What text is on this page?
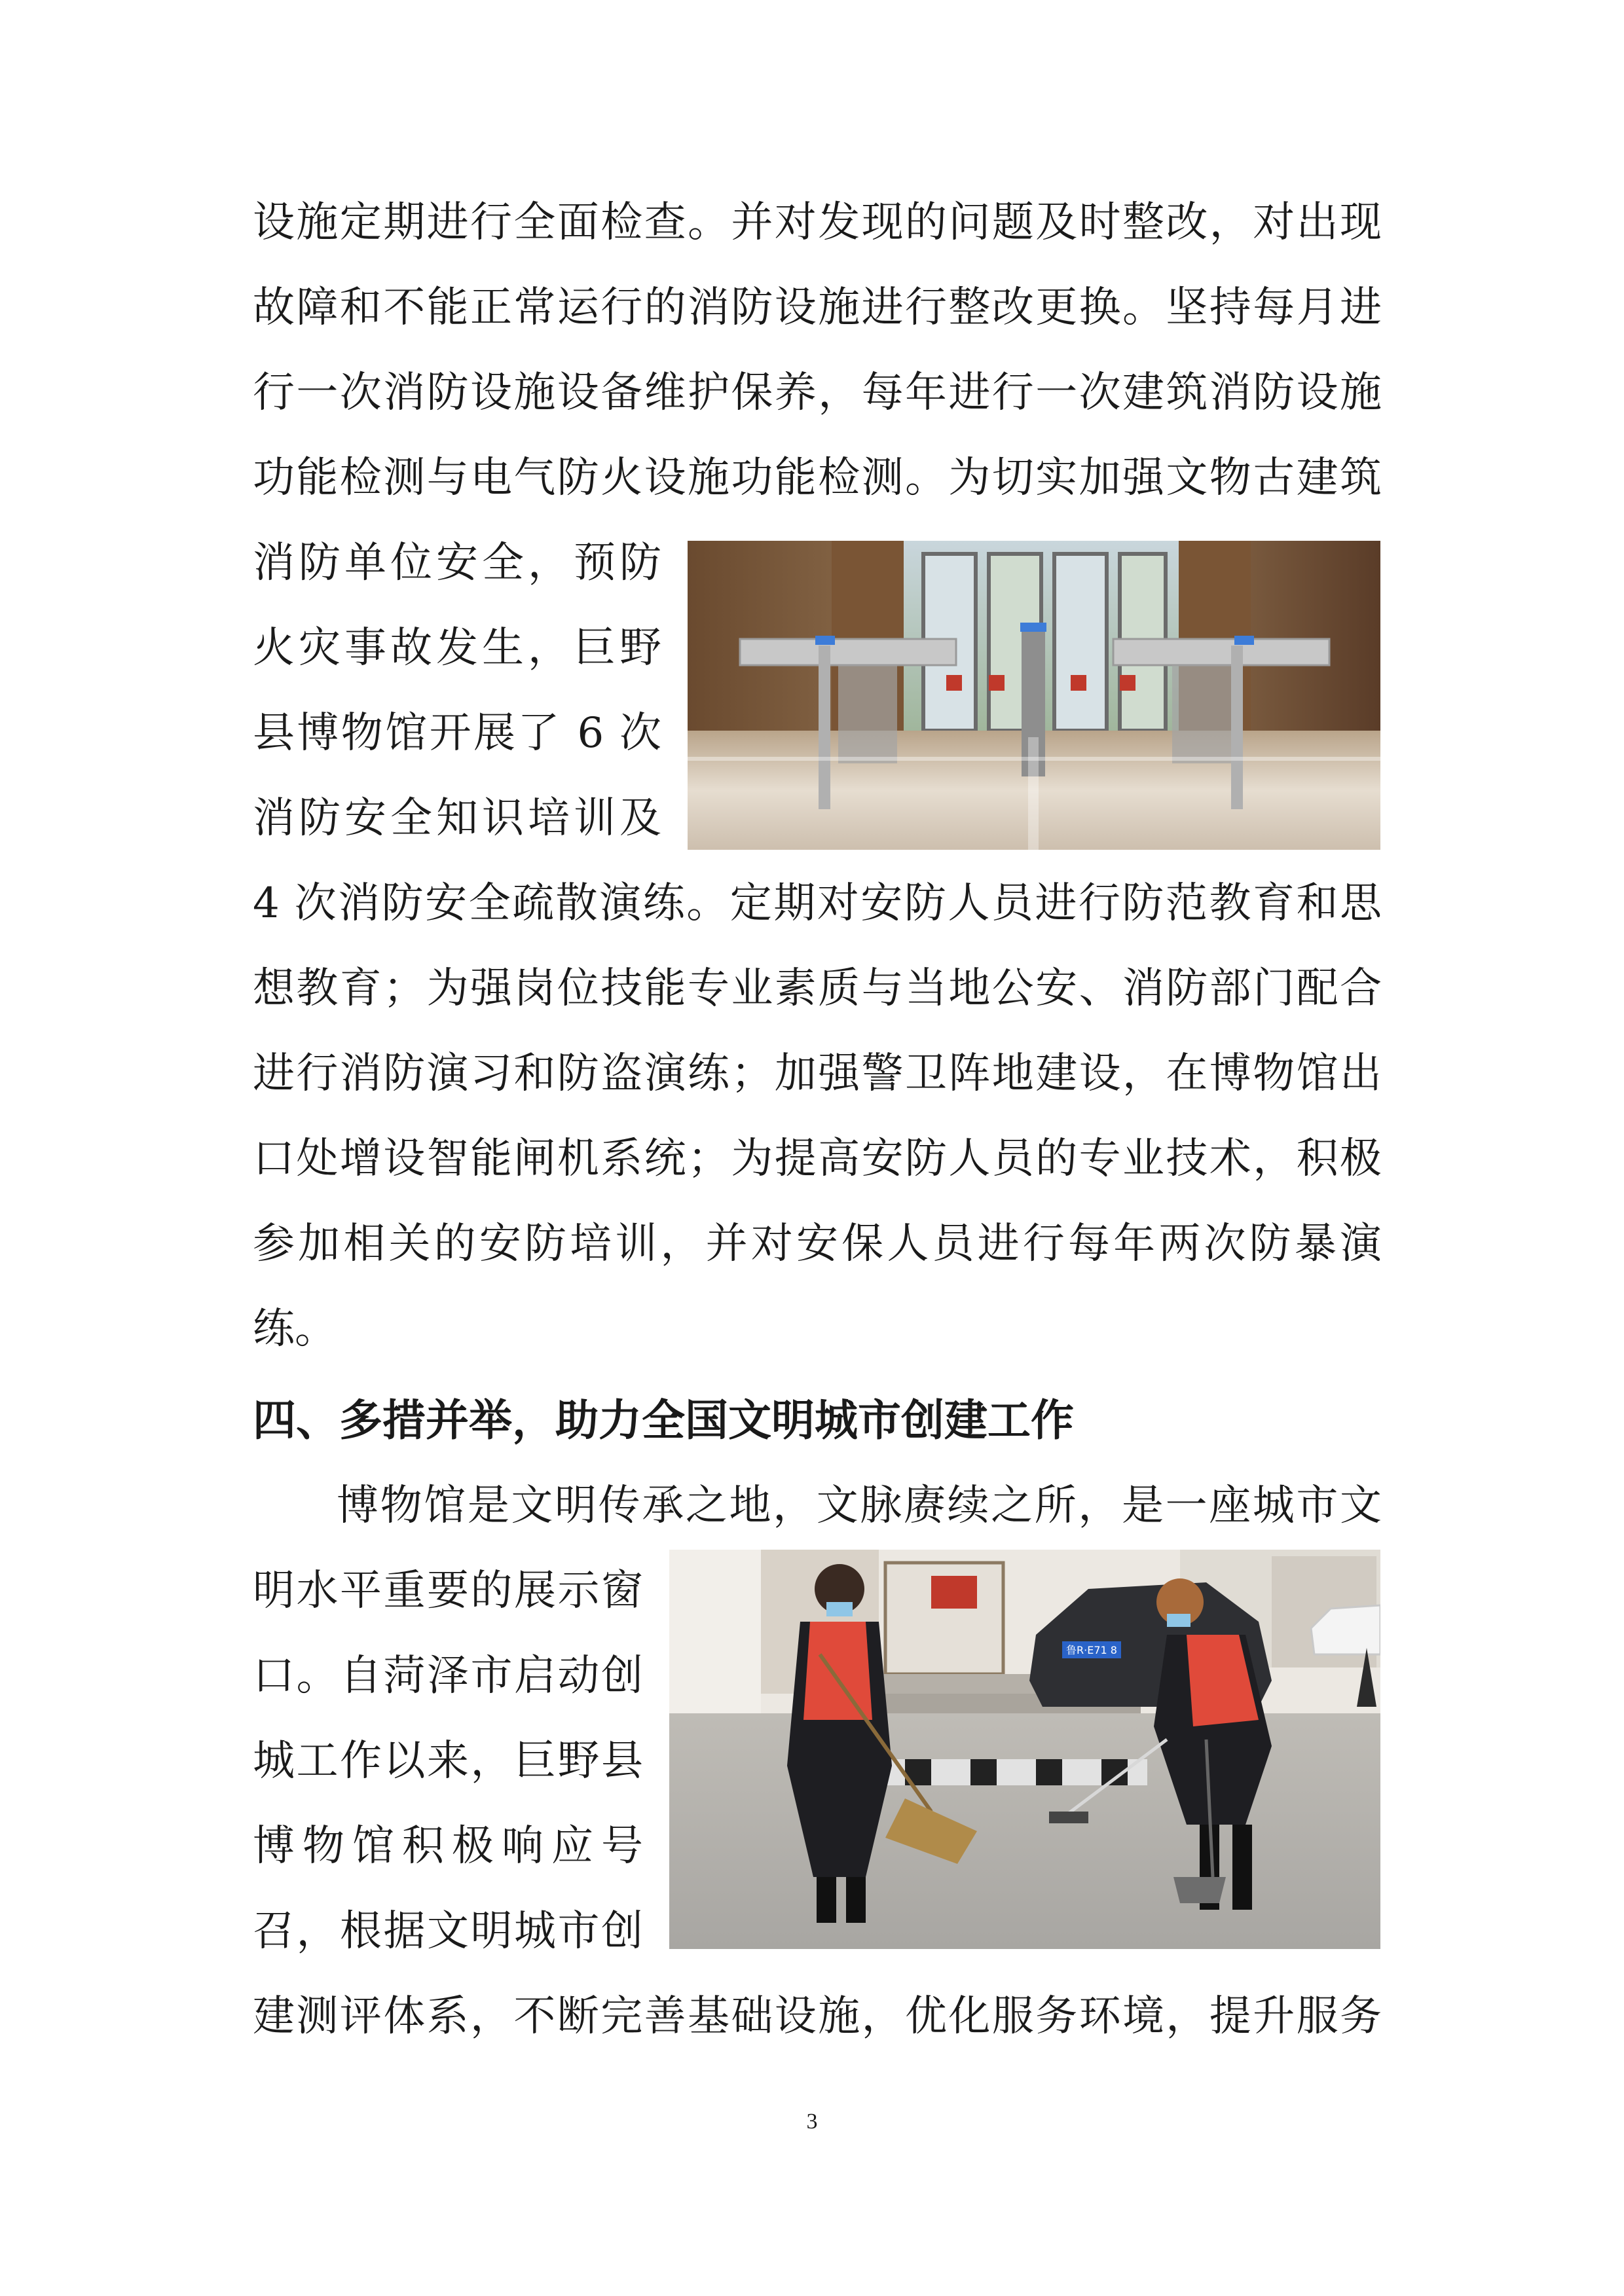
设施定期进行全面检查。并对发现的问题及时整改，对出现
故障和不能正常运行的消防设施进行整改更换。坚持每月进
行一次消防设施设备维护保养，每年进行一次建筑消防设施
功能检测与电气防火设施功能检测。为切实加强文物古建筑
消防单位安全，预防
火灾事故发生，巨野
县博物馆开展了 6 次
消防安全知识培训及
4 次消防安全疏散演练。定期对安防人员进行防范教育和思
想教育；为强岗位技能专业素质与当地公安、消防部门配合
进行消防演习和防盗演练；加强警卫阵地建设，在博物馆出
口处增设智能闸机系统；为提高安防人员的专业技术，积极
参加相关的安防培训，并对安保人员进行每年两次防暴演
练。
四、多措并举，助力全国文明城市创建工作
博物馆是文明传承之地，文脉赓续之所，是一座城市文
明水平重要的展示窗
口。自菏泽市启动创
城工作以来，巨野县
博物馆积极响应号
召，根据文明城市创
鲁R·E71 8
建测评体系，不断完善基础设施，优化服务环境，提升服务
3
